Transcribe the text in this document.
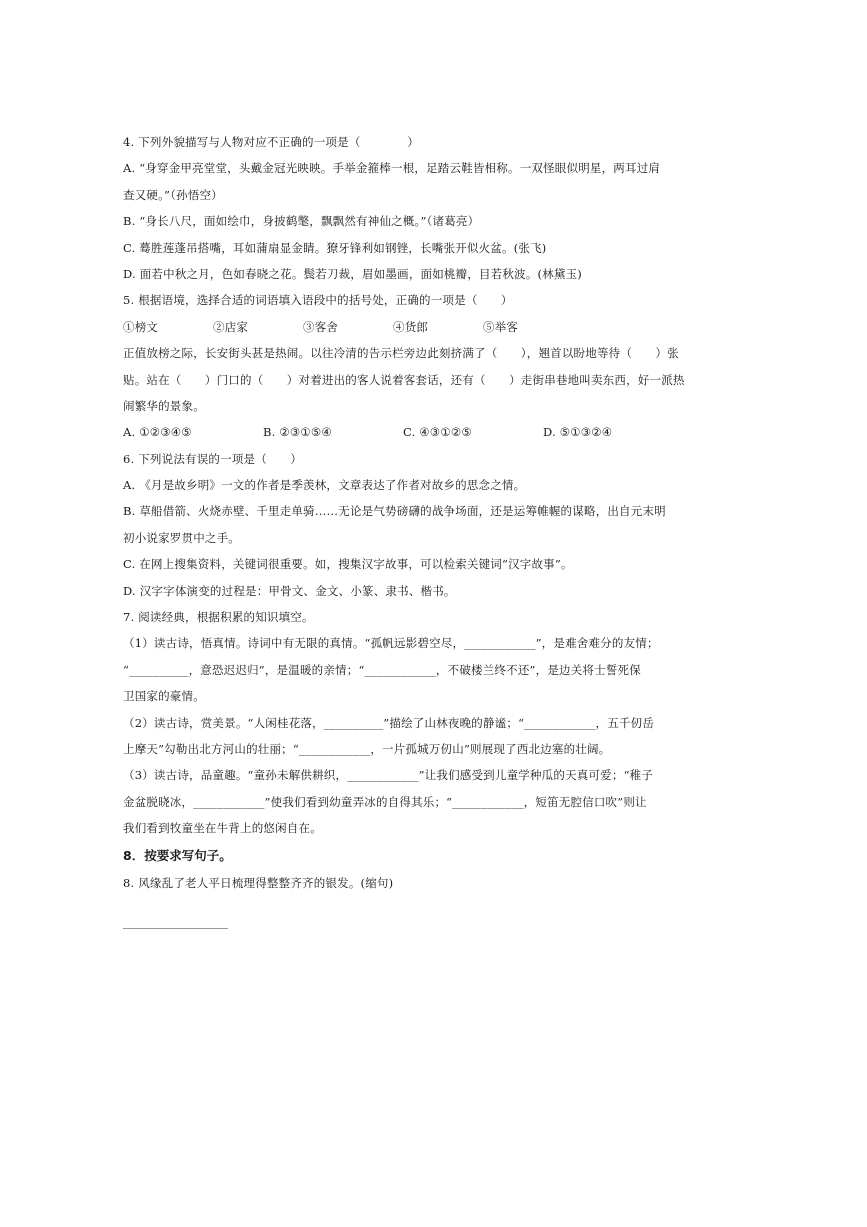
4. 下列外貌描写与人物对应不正确的一项是（　　　　）
A. “身穿金甲亮堂堂，头戴金冠光映映。手举金箍棒一根，足踏云鞋皆相称。一双怪眼似明星，两耳过肩
查又硬。”（孙悟空）
B. “身长八尺，面如绘巾，身披鹤氅，飘飘然有神仙之概。”（诸葛亮）
C. 蓦胜莲蓬吊搭嘴，耳如蒲扇显金睛。獠牙锋利如钢锉，长嘴张开似火盆。(张飞)
D. 面若中秋之月，色如春晓之花。鬓若刀裁，眉如墨画，面如桃瓣，目若秋波。(林黛玉)
5. 根据语境，选择合适的词语填入语段中的括号处，正确的一项是（　　）
①榜文	②店家	③客舍	④货郎	⑤举客
正值放榜之际，长安街头甚是热闹。以往冷清的告示栏旁边此刻挤满了（　　），翘首以盼地等待（　　）张
贴。站在（　　）门口的（　　）对着进出的客人说着客套话，还有（　　）走街串巷地叫卖东西，好一派热
闹繁华的景象。
A. ①②③④⑤	B. ②③①⑤④	C. ④③①②⑤	D. ⑤①③②④
6. 下列说法有误的一项是（　　）
A. 《月是故乡明》一文的作者是季羡林，文章表达了作者对故乡的思念之情。
B. 草船借箭、火烧赤壁、千里走单骑……无论是气势磅礴的战争场面，还是运筹帷幄的谋略，出自元末明
初小说家罗贯中之手。
C. 在网上搜集资料，关键词很重要。如，搜集汉字故事，可以检索关键词“汉字故事”。
D. 汉字字体演变的过程是：甲骨文、金文、小篆、隶书、楷书。
7. 阅读经典，根据积累的知识填空。
（1）读古诗，悟真情。诗词中有无限的真情。“孤帆远影碧空尽，____________”，是难舍难分的友情；
“__________，意恐迟迟归”，是温暖的亲情；“____________，不破楼兰终不还”，是边关将士誓死保
卫国家的豪情。
（2）读古诗，赏美景。“人闲桂花落，__________”描绘了山林夜晚的静谧；“____________，五千仞岳
上摩天”勾勒出北方河山的壮丽；“____________，一片孤城万仞山”则展现了西北边塞的壮阔。
（3）读古诗，品童趣。“童孙未解供耕织，____________”让我们感受到儿童学种瓜的天真可爱；“稚子
金盆脱晓冰，____________”使我们看到幼童弄冰的自得其乐；“____________，短笛无腔信口吹”则让
我们看到牧童坐在牛背上的悠闲自在。
8．按要求写句子。
8. 风缘乱了老人平日梳理得整整齐齐的银发。(缩句)
